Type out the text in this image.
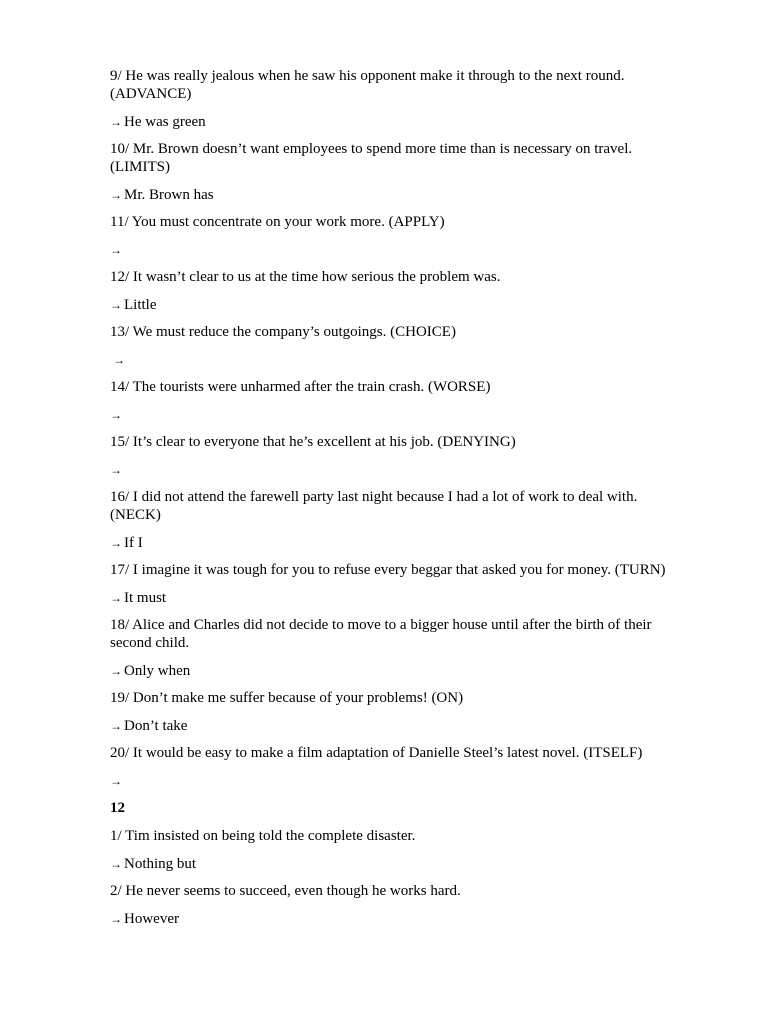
9/ He was really jealous when he saw his opponent make it through to the next round. (ADVANCE)

→ He was green

10/ Mr. Brown doesn’t want employees to spend more time than is necessary on travel. (LIMITS)

→ Mr. Brown has

11/ You must concentrate on your work more. (APPLY)

→

12/ It wasn’t clear to us at the time how serious the problem was.

→ Little

13/ We must reduce the company’s outgoings. (CHOICE)

→

14/ The tourists were unharmed after the train crash. (WORSE)

→

15/ It’s clear to everyone that he’s excellent at his job. (DENYING)

→

16/ I did not attend the farewell party last night because I had a lot of work to deal with. (NECK)

→ If I

17/ I imagine it was tough for you to refuse every beggar that asked you for money. (TURN)

→ It must

18/ Alice and Charles did not decide to move to a bigger house until after the birth of their second child.

→ Only when

19/ Don’t make me suffer because of your problems! (ON)

→ Don’t take

20/ It would be easy to make a film adaptation of Danielle Steel’s latest novel. (ITSELF)

→

12

1/ Tim insisted on being told the complete disaster.

→ Nothing but

2/ He never seems to succeed, even though he works hard.

→ However
